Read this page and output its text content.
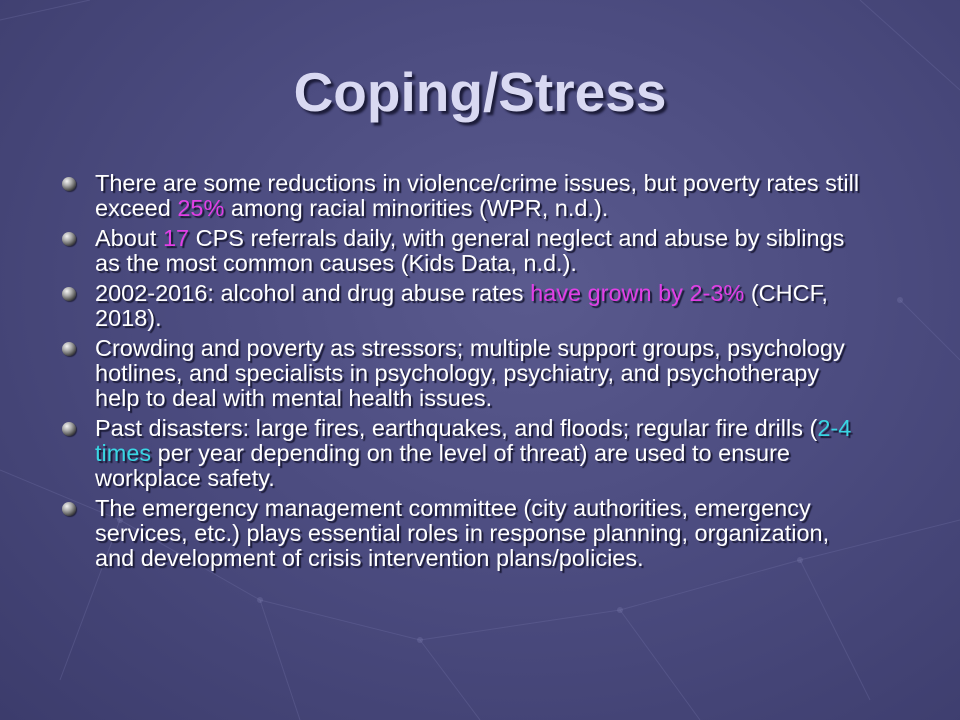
Coping/Stress
There are some reductions in violence/crime issues, but poverty rates still exceed 25% among racial minorities (WPR, n.d.).
About 17 CPS referrals daily, with general neglect and abuse by siblings as the most common causes (Kids Data, n.d.).
2002-2016: alcohol and drug abuse rates have grown by 2-3% (CHCF, 2018).
Crowding and poverty as stressors; multiple support groups, psychology hotlines, and specialists in psychology, psychiatry, and psychotherapy help to deal with mental health issues.
Past disasters: large fires, earthquakes, and floods; regular fire drills (2-4 times per year depending on the level of threat) are used to ensure workplace safety.
The emergency management committee (city authorities, emergency services, etc.) plays essential roles in response planning, organization, and development of crisis intervention plans/policies.
